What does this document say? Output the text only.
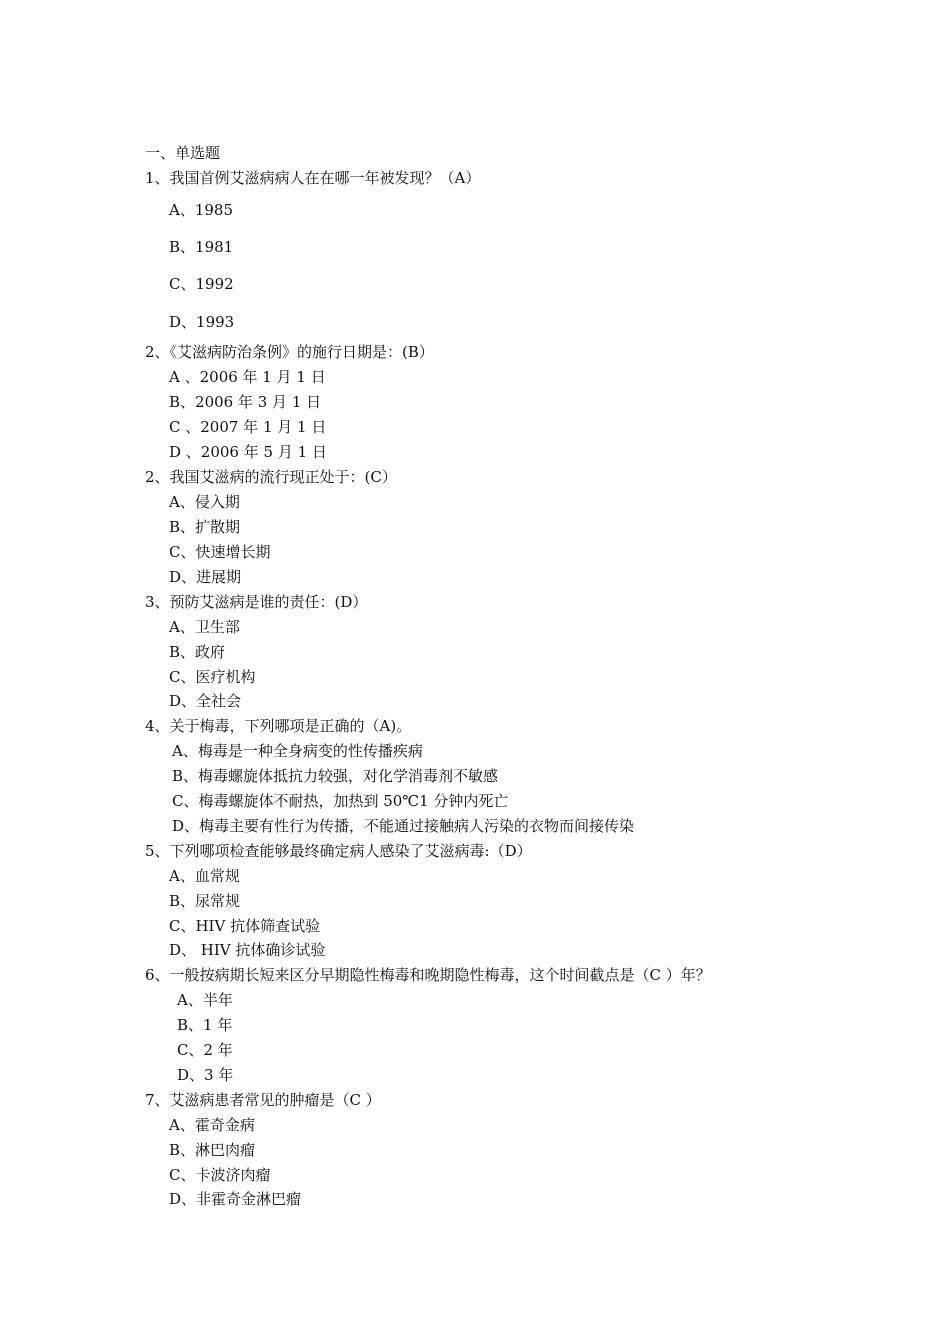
一、单选题
1、我国首例艾滋病病人在在哪一年被发现？（A）
A、1985
B、1981
C、1992
D、1993
2、《艾滋病防治条例》的施行日期是：(B）
A 、2006 年 1 月 1 日
B、2006 年 3 月 1 日
C 、2007 年 1 月 1 日
D 、2006 年 5 月 1 日
2、我国艾滋病的流行现正处于：(C）
A、侵入期
B、扩散期
C、快速增长期
D、进展期
3、预防艾滋病是谁的责任：(D）
A、卫生部
B、政府
C、医疗机构
D、全社会
4、关于梅毒，下列哪项是正确的（A)。
A、梅毒是一种全身病变的性传播疾病
B、梅毒螺旋体抵抗力较强，对化学消毒剂不敏感
C、梅毒螺旋体不耐热，加热到 50℃1 分钟内死亡
D、梅毒主要有性行为传播，不能通过接触病人污染的衣物而间接传染
5、下列哪项检查能够最终确定病人感染了艾滋病毒:（D）
A、血常规
B、尿常规
C、HIV 抗体筛查试验
D、 HIV 抗体确诊试验
6、一般按病期长短来区分早期隐性梅毒和晚期隐性梅毒，这个时间截点是（C ）年？
A、半年
B、1 年
C、2 年
D、3 年
7、艾滋病患者常见的肿瘤是（C ）
A、霍奇金病
B、淋巴肉瘤
C、卡波济肉瘤
D、非霍奇金淋巴瘤
